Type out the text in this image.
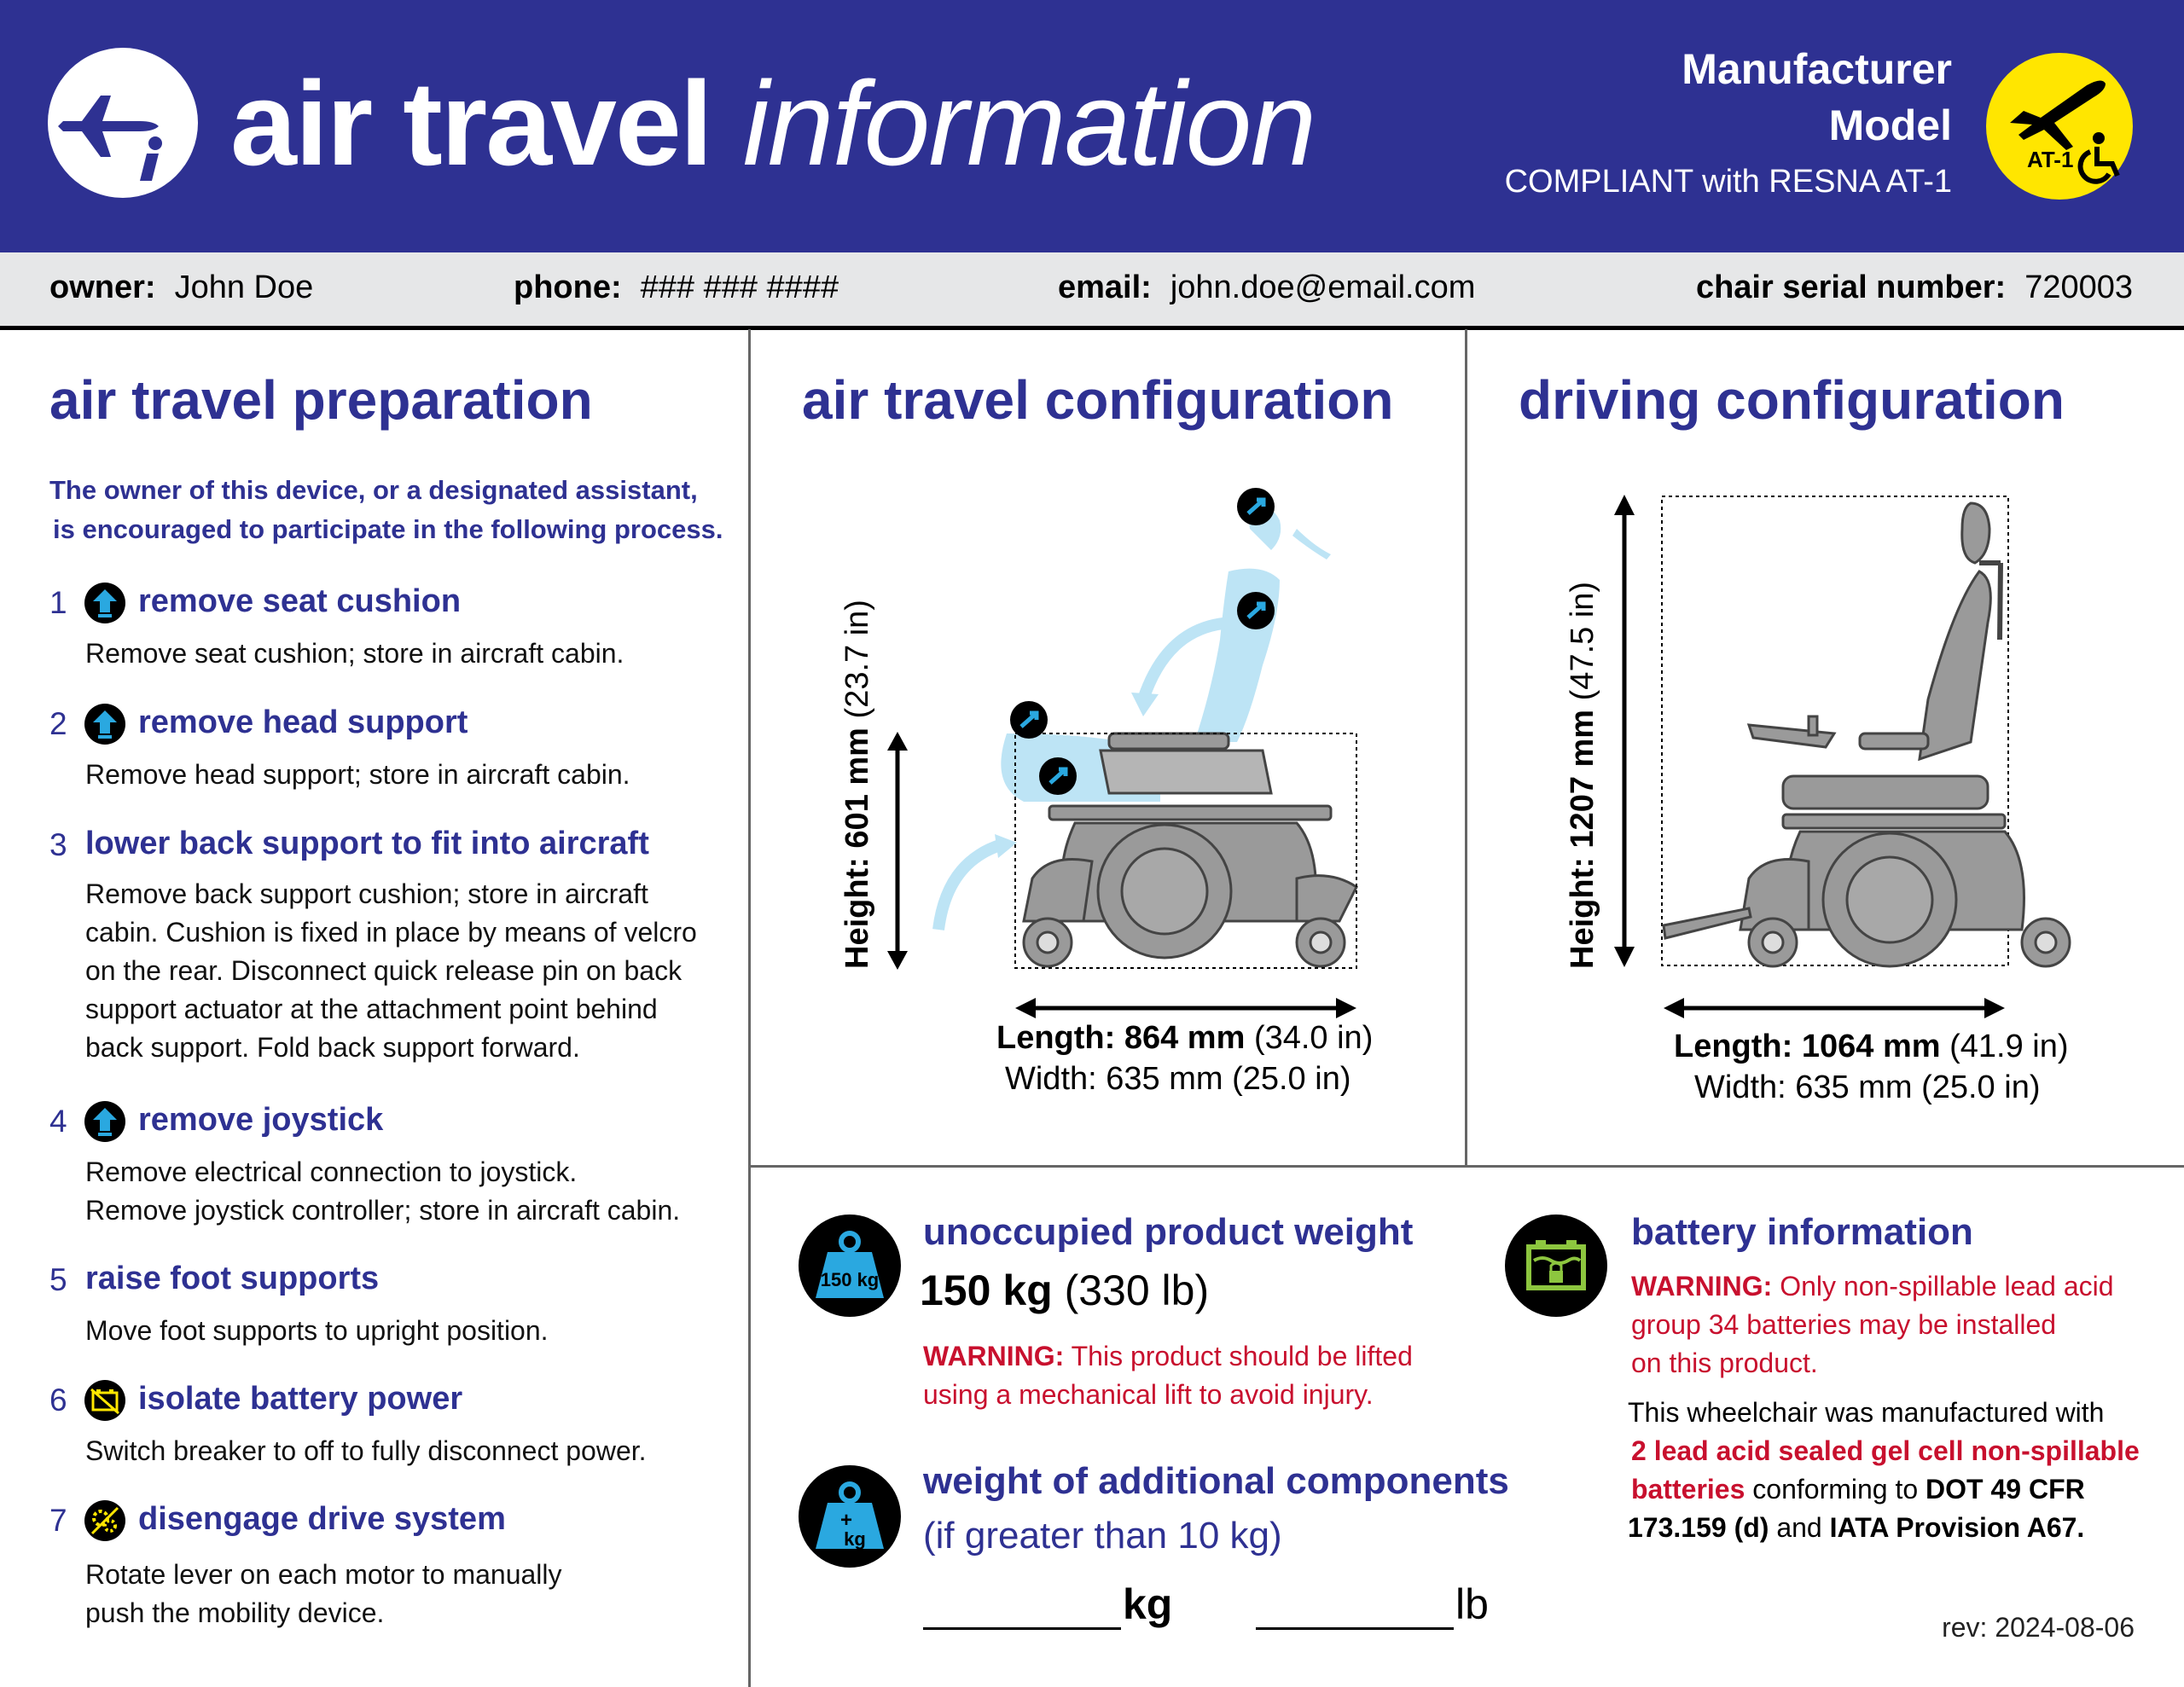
air travel information	Manufacturer
Model
COMPLIANT with RESNA AT-1
AT-1
owner: John Doe	phone: ### ### ####	email: john.doe@email.com	chair serial number: 720003
air travel preparation
The owner of this device, or a designated assistant,
is encouraged to participate in the following process.
1 remove seat cushion
Remove seat cushion; store in aircraft cabin.
2 remove head support
Remove head support; store in aircraft cabin.
3 lower back support to fit into aircraft
Remove back support cushion; store in aircraft
cabin. Cushion is fixed in place by means of velcro
on the rear. Disconnect quick release pin on back
support actuator at the attachment point behind
back support. Fold back support forward.
4 remove joystick
Remove electrical connection to joystick.
Remove joystick controller; store in aircraft cabin.
5 raise foot supports
Move foot supports to upright position.
6 isolate battery power
Switch breaker to off to fully disconnect power.
7 disengage drive system
Rotate lever on each motor to manually
push the mobility device.
air travel configuration
Height: 601 mm (23.7 in)
Length: 864 mm (34.0 in)
Width: 635 mm (25.0 in)
driving configuration
Height: 1207 mm (47.5 in)
Length: 1064 mm (41.9 in)
Width: 635 mm (25.0 in)
150 kg
unoccupied product weight
150 kg (330 lb)
WARNING: This product should be lifted
using a mechanical lift to avoid injury.
+
kg
weight of additional components
(if greater than 10 kg)
kg	lb
battery information
WARNING: Only non-spillable lead acid
group 34 batteries may be installed
on this product.
This wheelchair was manufactured with
2 lead acid sealed gel cell non-spillable
batteries conforming to DOT 49 CFR
173.159 (d) and IATA Provision A67.
rev: 2024-08-06
